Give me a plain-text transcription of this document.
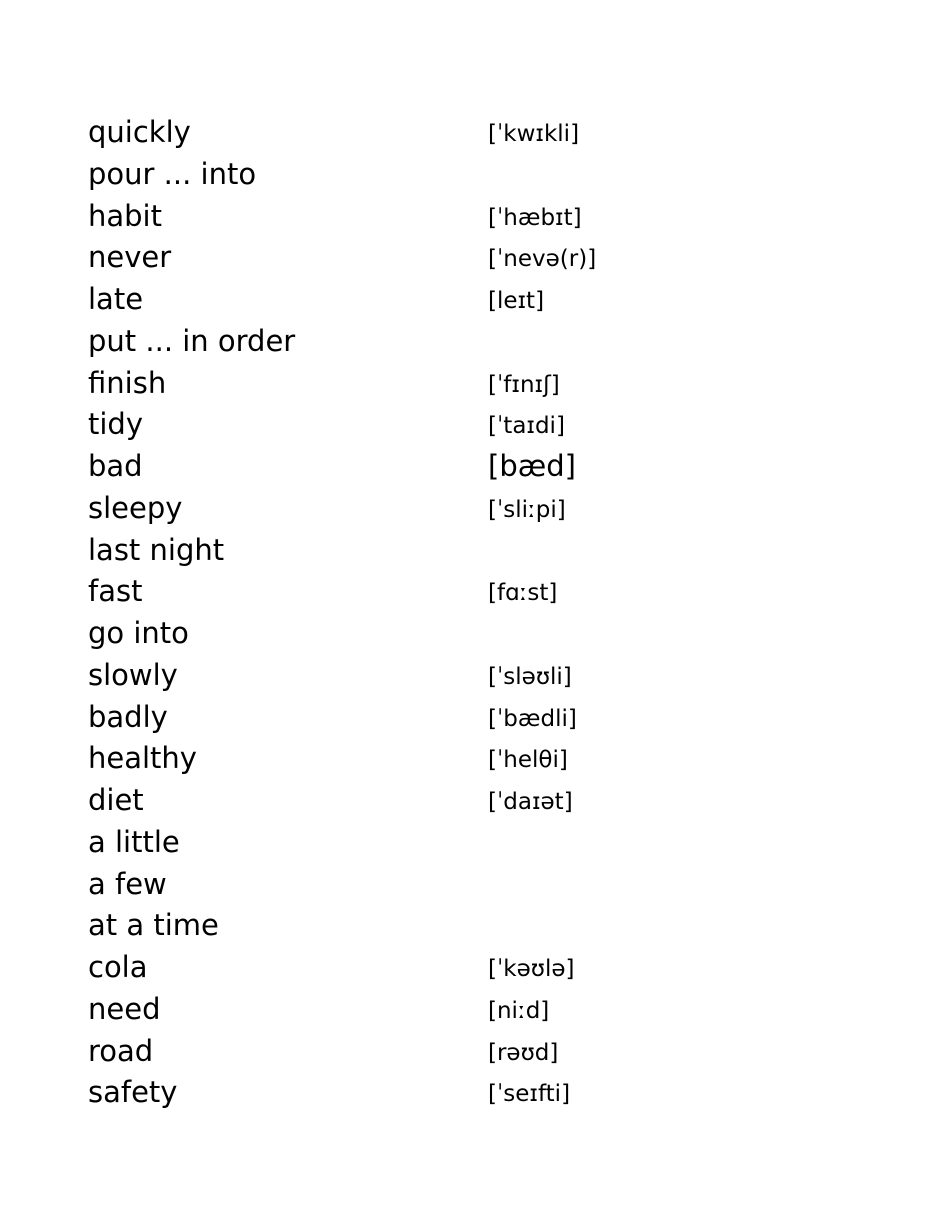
quickly	[ˈkwɪkli]
pour ... into
habit	[ˈhæbɪt]
never	[ˈnevə(r)]
late	[leɪt]
put ... in order
finish	[ˈfɪnɪʃ]
tidy	[ˈtaɪdi]
bad	[bæd]
sleepy	[ˈsliːpi]
last night
fast	[fɑːst]
go into
slowly	[ˈsləʊli]
badly	[ˈbædli]
healthy	[ˈhelθi]
diet	[ˈdaɪət]
a little
a few
at a time
cola	[ˈkəʊlə]
need	[niːd]
road	[rəʊd]
safety	[ˈseɪfti]
